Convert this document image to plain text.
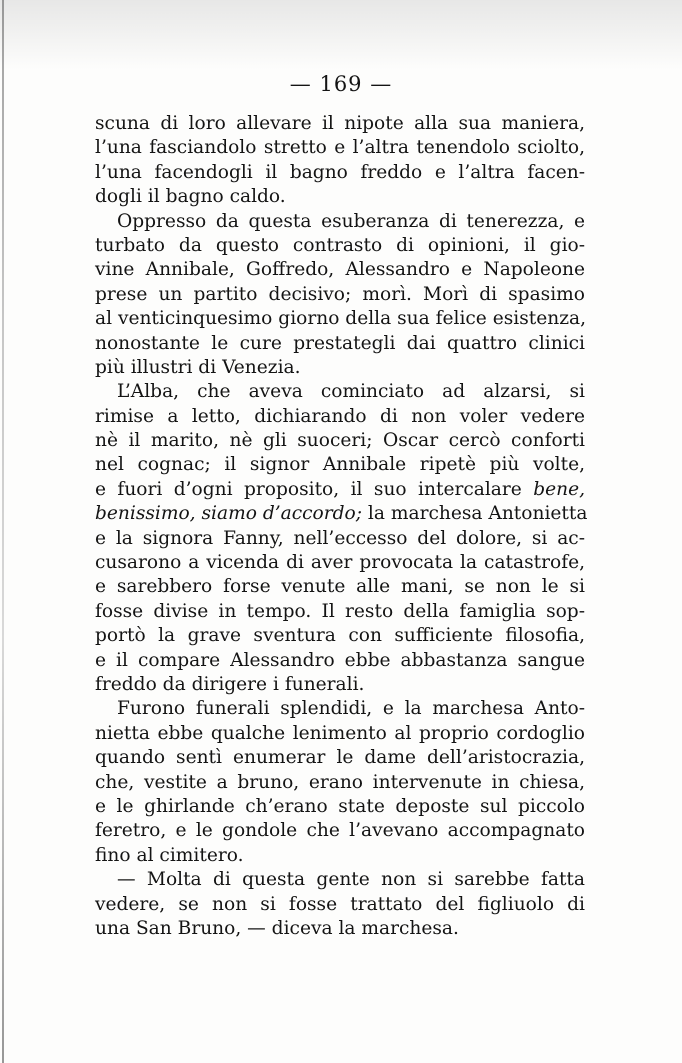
— 169 —
scuna di loro allevare il nipote alla sua maniera,
l’una fasciandolo stretto e l’altra tenendolo sciolto,
l’una facendogli il bagno freddo e l’altra facen-
dogli il bagno caldo.
Oppresso da questa esuberanza di tenerezza, e
turbato da questo contrasto di opinioni, il gio-
vine Annibale, Goffredo, Alessandro e Napoleone
prese un partito decisivo; morì. Morì di spasimo
al venticinquesimo giorno della sua felice esistenza,
nonostante le cure prestategli dai quattro clinici
più illustri di Venezia.
L’Alba, che aveva cominciato ad alzarsi, si
rimise a letto, dichiarando di non voler vedere
nè il marito, nè gli suoceri; Oscar cercò conforti
nel cognac; il signor Annibale ripetè più volte,
e fuori d’ogni proposito, il suo intercalare bene,
benissimo, siamo d’accordo; la marchesa Antonietta
e la signora Fanny, nell’eccesso del dolore, si ac-
cusarono a vicenda di aver provocata la catastrofe,
e sarebbero forse venute alle mani, se non le si
fosse divise in tempo. Il resto della famiglia sop-
portò la grave sventura con sufficiente filosofia,
e il compare Alessandro ebbe abbastanza sangue
freddo da dirigere i funerali.
Furono funerali splendidi, e la marchesa Anto-
nietta ebbe qualche lenimento al proprio cordoglio
quando sentì enumerar le dame dell’aristocrazia,
che, vestite a bruno, erano intervenute in chiesa,
e le ghirlande ch’erano state deposte sul piccolo
feretro, e le gondole che l’avevano accompagnato
fino al cimitero.
— Molta di questa gente non si sarebbe fatta
vedere, se non si fosse trattato del figliuolo di
una San Bruno, — diceva la marchesa.
